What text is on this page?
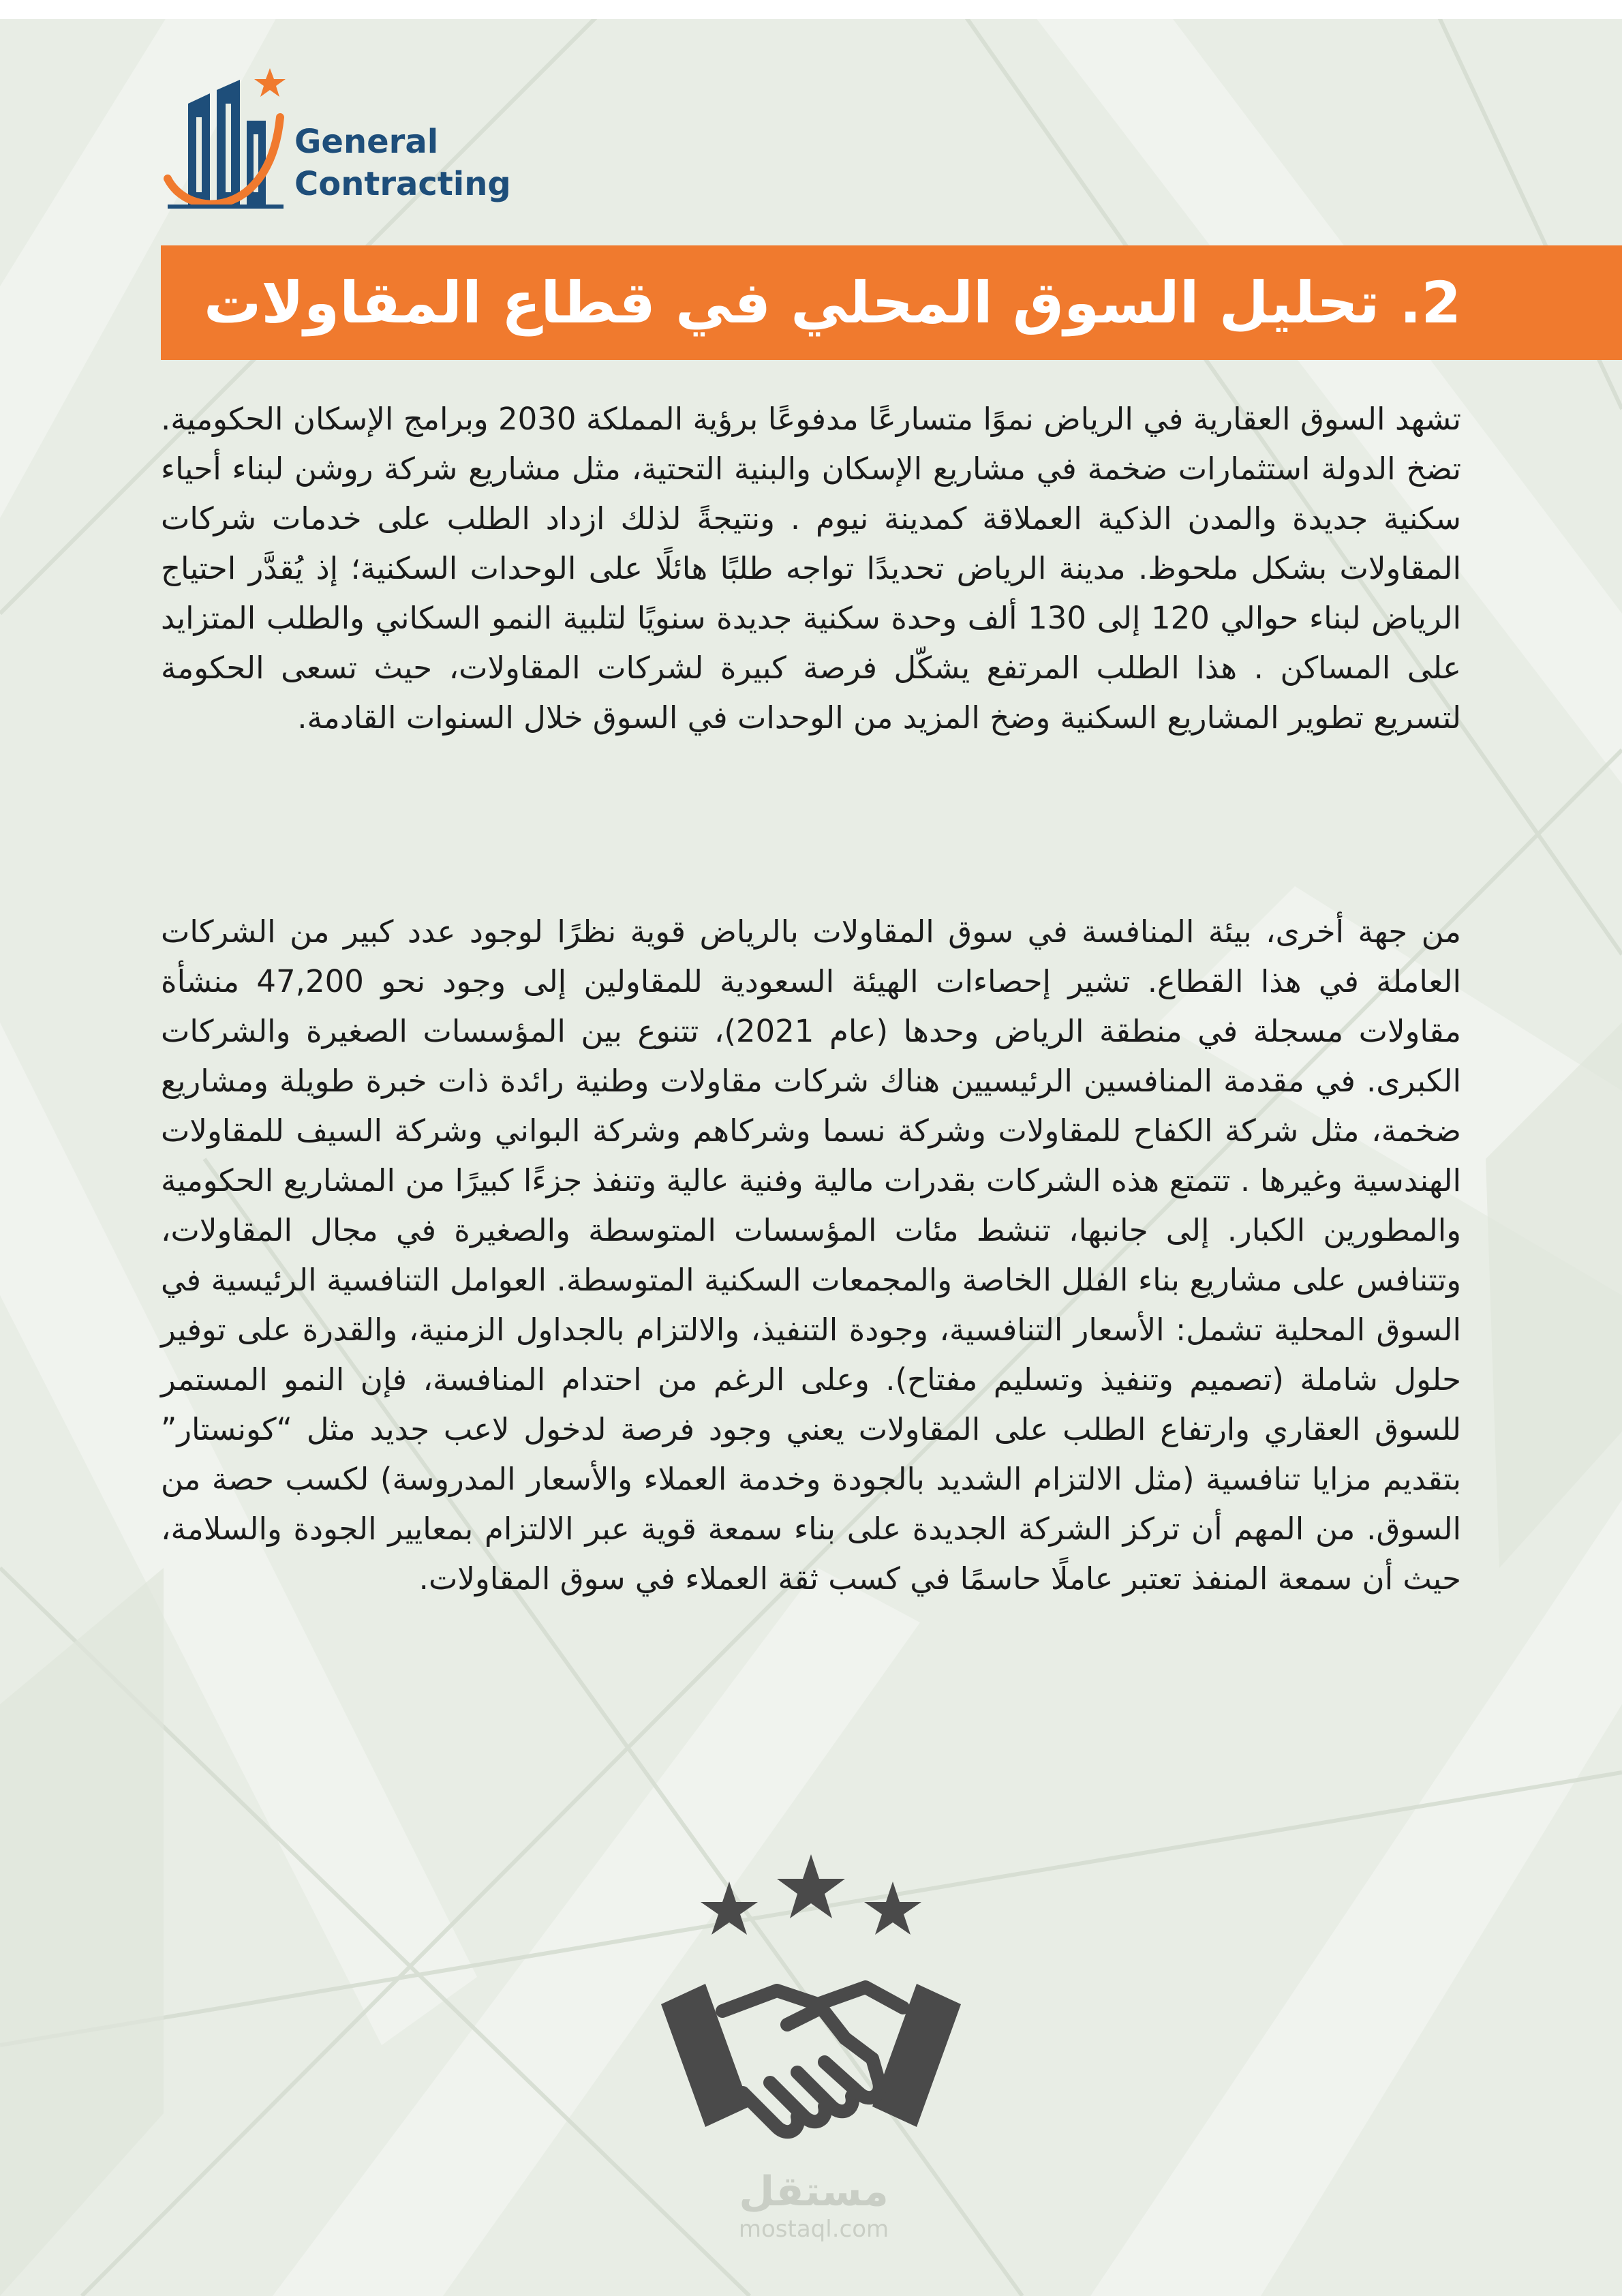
General
Contracting
2. تحليل السوق المحلي في قطاع المقاولات

تشهد السوق العقارية في الرياض نموًا متسارعًا مدفوعًا برؤية المملكة 2030 وبرامج الإسكان الحكومية. تضخ الدولة استثمارات ضخمة في مشاريع الإسكان والبنية التحتية، مثل مشاريع شركة روشن لبناء أحياء سكنية جديدة والمدن الذكية العملاقة كمدينة نيوم . ونتيجةً لذلك ازداد الطلب على خدمات شركات المقاولات بشكل ملحوظ. مدينة الرياض تحديدًا تواجه طلبًا هائلًا على الوحدات السكنية؛ إذ يُقدَّر احتياج الرياض لبناء حوالي 120 إلى 130 ألف وحدة سكنية جديدة سنويًا لتلبية النمو السكاني والطلب المتزايد على المساكن . هذا الطلب المرتفع يشكّل فرصة كبيرة لشركات المقاولات، حيث تسعى الحكومة لتسريع تطوير المشاريع السكنية وضخ المزيد من الوحدات في السوق خلال السنوات القادمة.

من جهة أخرى، بيئة المنافسة في سوق المقاولات بالرياض قوية نظرًا لوجود عدد كبير من الشركات العاملة في هذا القطاع. تشير إحصاءات الهيئة السعودية للمقاولين إلى وجود نحو 47,200 منشأة مقاولات مسجلة في منطقة الرياض وحدها (عام 2021)، تتنوع بين المؤسسات الصغيرة والشركات الكبرى. في مقدمة المنافسين الرئيسيين هناك شركات مقاولات وطنية رائدة ذات خبرة طويلة ومشاريع ضخمة، مثل شركة الكفاح للمقاولات وشركة نسما وشركاهم وشركة البواني وشركة السيف للمقاولات الهندسية وغيرها . تتمتع هذه الشركات بقدرات مالية وفنية عالية وتنفذ جزءًا كبيرًا من المشاريع الحكومية والمطورين الكبار. إلى جانبها، تنشط مئات المؤسسات المتوسطة والصغيرة في مجال المقاولات، وتتنافس على مشاريع بناء الفلل الخاصة والمجمعات السكنية المتوسطة. العوامل التنافسية الرئيسية في السوق المحلية تشمل: الأسعار التنافسية، وجودة التنفيذ، والالتزام بالجداول الزمنية، والقدرة على توفير حلول شاملة (تصميم وتنفيذ وتسليم مفتاح). وعلى الرغم من احتدام المنافسة، فإن النمو المستمر للسوق العقاري وارتفاع الطلب على المقاولات يعني وجود فرصة لدخول لاعب جديد مثل “كونستار” بتقديم مزايا تنافسية (مثل الالتزام الشديد بالجودة وخدمة العملاء والأسعار المدروسة) لكسب حصة من السوق. من المهم أن تركز الشركة الجديدة على بناء سمعة قوية عبر الالتزام بمعايير الجودة والسلامة، حيث أن سمعة المنفذ تعتبر عاملًا حاسمًا في كسب ثقة العملاء في سوق المقاولات.

مستقل
mostaql.com
